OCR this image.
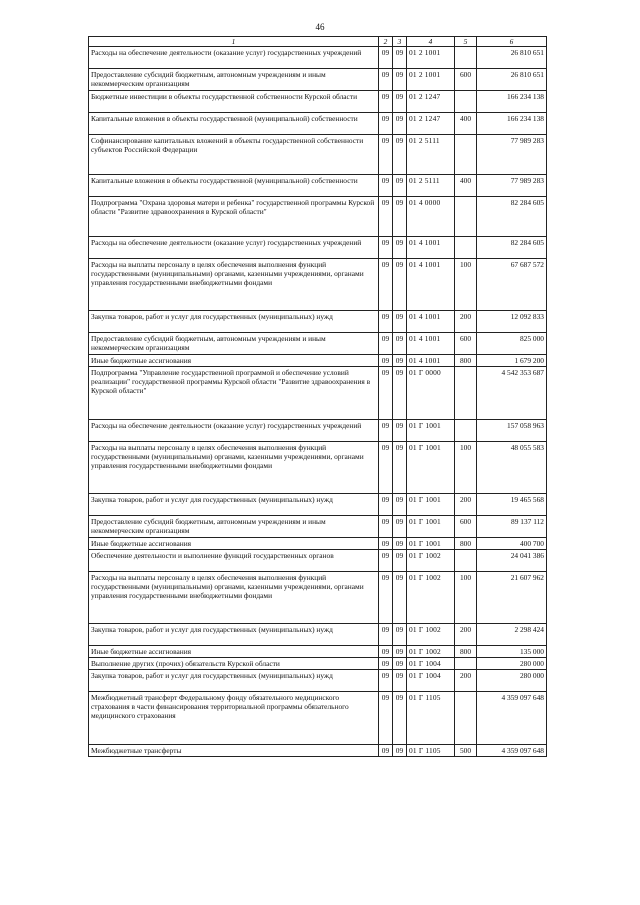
46
1	2	3	4	5	6
Расходы на обеспечение деятельности (оказание услуг) государственных учреждений	09	09	01 2 1001		26 810 651
Предоставление субсидий бюджетным, автономным учреждениям и иным некоммерческим организациям	09	09	01 2 1001	600	26 810 651
Бюджетные инвестиции в объекты государственной собственности Курской области	09	09	01 2 1247		166 234 138
Капитальные вложения в объекты государственной (муниципальной) собственности	09	09	01 2 1247	400	166 234 138
Софинансирование капитальных вложений в объекты государственной собственности субъектов Российской Федерации	09	09	01 2 5111		77 989 283
Капитальные вложения в объекты государственной (муниципальной) собственности	09	09	01 2 5111	400	77 989 283
Подпрограмма "Охрана здоровья матери и ребенка" государственной программы Курской области "Развитие здравоохранения в Курской области"	09	09	01 4 0000		82 284 605
Расходы на обеспечение деятельности (оказание услуг) государственных учреждений	09	09	01 4 1001		82 284 605
Расходы на выплаты персоналу в целях обеспечения выполнения функций государственными (муниципальными) органами, казенными учреждениями, органами управления государственными внебюджетными фондами	09	09	01 4 1001	100	67 687 572
Закупка товаров, работ и услуг для государственных (муниципальных) нужд	09	09	01 4 1001	200	12 092 833
Предоставление субсидий бюджетным, автономным учреждениям и иным некоммерческим организациям	09	09	01 4 1001	600	825 000
Иные бюджетные ассигнования	09	09	01 4 1001	800	1 679 200
Подпрограмма "Управление государственной программой и обеспечение условий реализации" государственной программы Курской области "Развитие здравоохранения в Курской области"	09	09	01 Г 0000		4 542 353 687
Расходы на обеспечение деятельности (оказание услуг) государственных учреждений	09	09	01 Г 1001		157 058 963
Расходы на выплаты персоналу в целях обеспечения выполнения функций государственными (муниципальными) органами, казенными учреждениями, органами управления государственными внебюджетными фондами	09	09	01 Г 1001	100	48 055 583
Закупка товаров, работ и услуг для государственных (муниципальных) нужд	09	09	01 Г 1001	200	19 465 568
Предоставление субсидий бюджетным, автономным учреждениям и иным некоммерческим организациям	09	09	01 Г 1001	600	89 137 112
Иные бюджетные ассигнования	09	09	01 Г 1001	800	400 700
Обеспечение деятельности и выполнение функций государственных органов	09	09	01 Г 1002		24 041 386
Расходы на выплаты персоналу в целях обеспечения выполнения функций государственными (муниципальными) органами, казенными учреждениями, органами управления государственными внебюджетными фондами	09	09	01 Г 1002	100	21 607 962
Закупка товаров, работ и услуг для государственных (муниципальных) нужд	09	09	01 Г 1002	200	2 298 424
Иные бюджетные ассигнования	09	09	01 Г 1002	800	135 000
Выполнение других (прочих) обязательств Курской области	09	09	01 Г 1004		280 000
Закупка товаров, работ и услуг для государственных (муниципальных) нужд	09	09	01 Г 1004	200	280 000
Межбюджетный трансферт Федеральному фонду обязательного медицинского страхования в части финансирования территориальной программы обязательного медицинского страхования	09	09	01 Г 1105		4 359 097 648
Межбюджетные трансферты	09	09	01 Г 1105	500	4 359 097 648
